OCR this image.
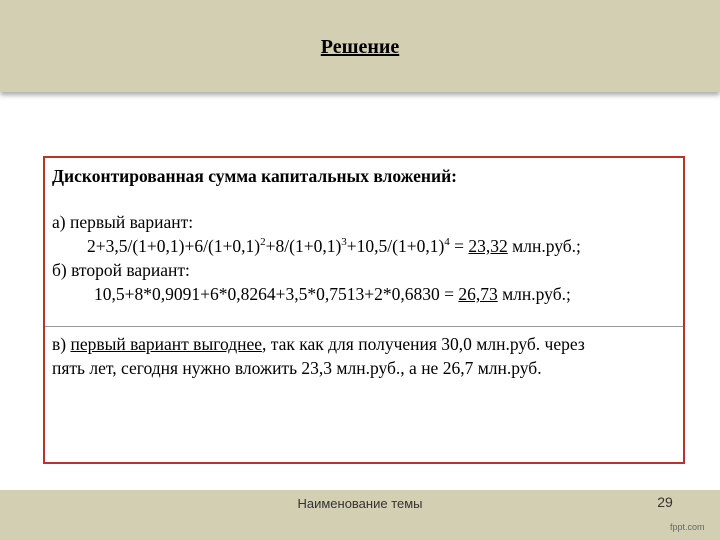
Решение
Дисконтированная сумма капитальных вложений:
а) первый вариант:
$2+3,5/(1+0,1)+6/(1+0,1)^2+8/(1+0,1)^3+10,5/(1+0,1)^4 = 23,32$ млн.руб.;
б) второй вариант:
10,5+8*0,9091+6*0,8264+3,5*0,7513+2*0,6830 = 26,73 млн.руб.;
в) первый вариант выгоднее, так как для получения 30,0 млн.руб. через
пять лет, сегодня нужно вложить 23,3 млн.руб., а не 26,7 млн.руб.
Наименование темы	29
fppt.com
